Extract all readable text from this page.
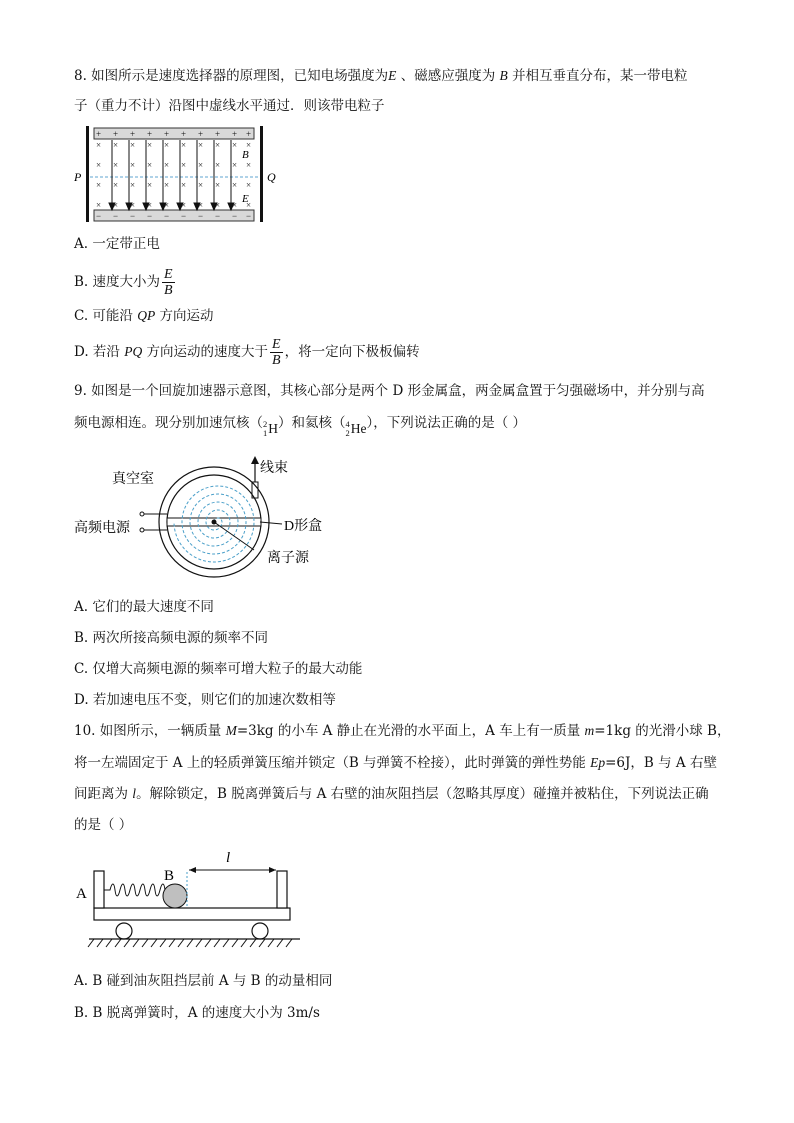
8. 如图所示是速度选择器的原理图，已知电场强度为E 、磁感应强度为 B 并相互垂直分布，某一带电粒
子（重力不计）沿图中虚线水平通过．则该带电粒子
× × × × × × × × × ×
× × × × × × × × × ×
× × × × × × × × × ×
× × × × × × × × × ×
+
−
+
−
+
−
+
−
+
−
+
−
+
−
+
−
+
−
+
−
P	Q
B
E
A. 一定带正电
B. 速度大小为 $\frac{E}{B}$
C. 可能沿 QP 方向运动
D. 若沿 PQ 方向运动的速度大于 $\frac{E}{B}$ ，将一定向下极板偏转
9. 如图是一个回旋加速器示意图，其核心部分是两个 D 形金属盒，两金属盒置于匀强磁场中，并分别与高
频电源相连。现分别加速氘核（ 2
1 H ）和氦核（ 4
2 He ），下列说法正确的是（ ）
真空室
线束
高频电源	D形盒
离子源
A. 它们的最大速度不同
B. 两次所接高频电源的频率不同
C. 仅增大高频电源的频率可增大粒子的最大动能
D. 若加速电压不变，则它们的加速次数相等
10. 如图所示，一辆质量 M=3kg 的小车 A 静止在光滑的水平面上，A 车上有一质量 m=1kg 的光滑小球 B，
将一左端固定于 A 上的轻质弹簧压缩并锁定（B 与弹簧不栓接），此时弹簧的弹性势能 Ep=6J，B 与 A 右壁
间距离为 l。解除锁定，B 脱离弹簧后与 A 右壁的油灰阻挡层（忽略其厚度）碰撞并被粘住，下列说法正确
的是（ ）
A
B
l
A. B 碰到油灰阻挡层前 A 与 B 的动量相同
B. B 脱离弹簧时，A 的速度大小为 3m/s
